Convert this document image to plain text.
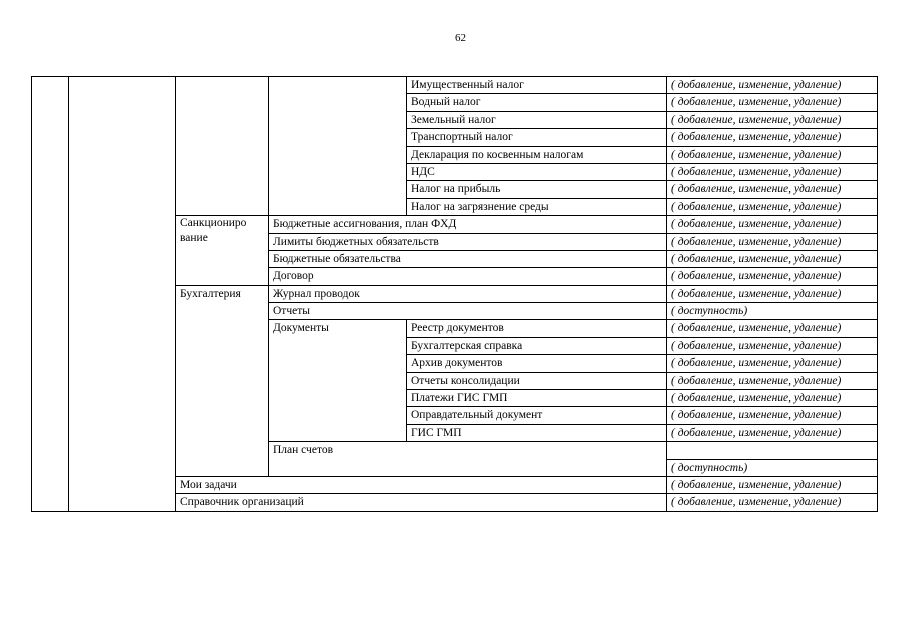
62
				Имущественный налог	( добавление, изменение, удаление)
				Водный налог	( добавление, изменение, удаление)
				Земельный налог	( добавление, изменение, удаление)
				Транспортный налог	( добавление, изменение, удаление)
				Декларация по косвенным налогам	( добавление, изменение, удаление)
				НДС	( добавление, изменение, удаление)
				Налог на прибыль	( добавление, изменение, удаление)
				Налог на загрязнение среды	( добавление, изменение, удаление)
		Санкциониро вание	Бюджетные ассигнования, план ФХД		( добавление, изменение, удаление)
			Лимиты бюджетных обязательств		( добавление, изменение, удаление)
			Бюджетные обязательства		( добавление, изменение, удаление)
			Договор		( добавление, изменение, удаление)
		Бухгалтерия	Журнал проводок		( добавление, изменение, удаление)
			Отчеты		( доступность)
			Документы	Реестр документов	( добавление, изменение, удаление)
				Бухгалтерская справка	( добавление, изменение, удаление)
				Архив документов	( добавление, изменение, удаление)
				Отчеты консолидации	( добавление, изменение, удаление)
				Платежи ГИС ГМП	( добавление, изменение, удаление)
				Оправдательный документ	( добавление, изменение, удаление)
				ГИС ГМП	( добавление, изменение, удаление)
			План счетов		
					( доступность)
		Мои задачи			( добавление, изменение, удаление)
		Справочник организаций			( добавление, изменение, удаление)
